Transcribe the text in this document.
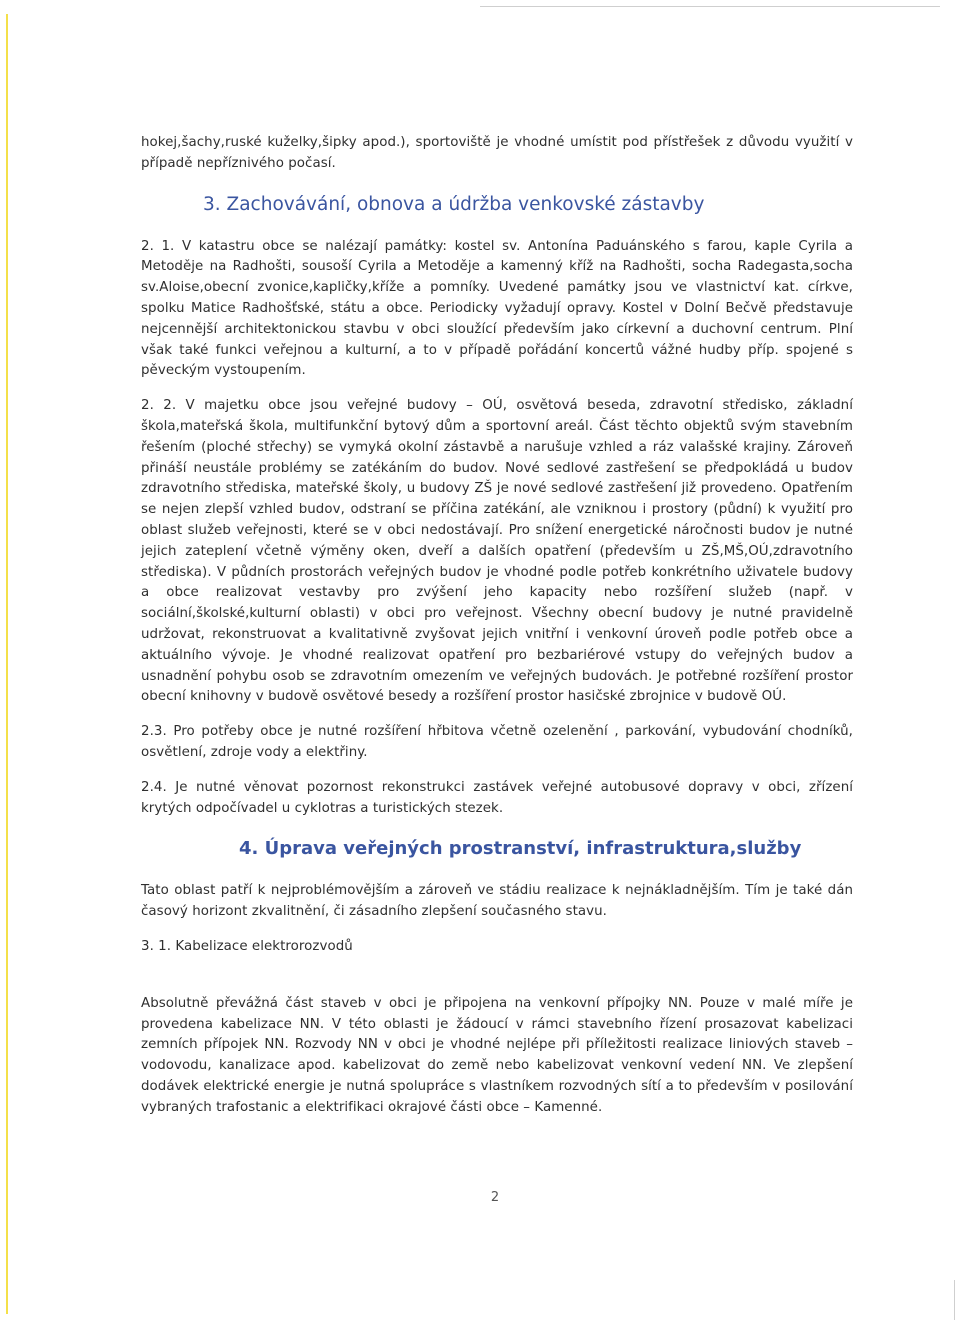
hokej,šachy,ruské kuželky,šipky apod.), sportoviště je vhodné umístit pod přístřešek z důvodu využití v případě nepříznivého počasí.

3. Zachovávání, obnova a údržba venkovské zástavby

2. 1. V katastru obce se nalézají památky: kostel sv. Antonína Paduánského s farou, kaple Cyrila a Metoděje na Radhošti, sousoší Cyrila a Metoděje a kamenný kříž na Radhošti, socha Radegasta,socha sv.Aloise,obecní zvonice,kapličky,kříže a pomníky. Uvedené památky jsou ve vlastnictví kat. církve, spolku Matice Radhošťské, státu a obce. Periodicky vyžadují opravy. Kostel v Dolní Bečvě představuje nejcennější architektonickou stavbu v obci sloužící především jako církevní a duchovní centrum. Plní však také funkci veřejnou a kulturní, a to v případě pořádání koncertů vážné hudby příp. spojené s pěveckým vystoupením.

2. 2. V majetku obce jsou veřejné budovy – OÚ, osvětová beseda, zdravotní středisko, základní škola,mateřská škola, multifunkční bytový dům a sportovní areál. Část těchto objektů svým stavebním řešením (ploché střechy) se vymyká okolní zástavbě a narušuje vzhled a ráz valašské krajiny. Zároveň přináší neustále problémy se zatékáním do budov. Nové sedlové zastřešení se předpokládá u budov zdravotního střediska, mateřské školy, u budovy ZŠ je nové sedlové zastřešení již provedeno. Opatřením se nejen zlepší vzhled budov, odstraní se příčina zatékání, ale vzniknou i prostory (půdní) k využití pro oblast služeb veřejnosti, které se v obci nedostávají. Pro snížení energetické náročnosti budov je nutné jejich zateplení včetně výměny oken, dveří a dalších opatření (především u ZŠ,MŠ,OÚ,zdravotního střediska). V půdních prostorách veřejných budov je vhodné podle potřeb konkrétního uživatele budovy a obce realizovat vestavby pro zvýšení jeho kapacity nebo rozšíření služeb (např. v sociální,školské,kulturní oblasti) v obci pro veřejnost. Všechny obecní budovy je nutné pravidelně udržovat, rekonstruovat a kvalitativně zvyšovat jejich vnitřní i venkovní úroveň podle potřeb obce a aktuálního vývoje. Je vhodné realizovat opatření pro bezbariérové vstupy do veřejných budov a usnadnění pohybu osob se zdravotním omezením ve veřejných budovách. Je potřebné rozšíření prostor obecní knihovny v budově osvětové besedy a rozšíření prostor hasičské zbrojnice v budově OÚ.

2.3. Pro potřeby obce je nutné rozšíření hřbitova včetně ozelenění , parkování, vybudování chodníků, osvětlení, zdroje vody a elektřiny.

2.4. Je nutné věnovat pozornost rekonstrukci zastávek veřejné autobusové dopravy v obci, zřízení krytých odpočívadel u cyklotras a turistických stezek.

4. Úprava veřejných prostranství, infrastruktura,služby

Tato oblast patří k nejproblémovějším a zároveň ve stádiu realizace k nejnákladnějším. Tím je také dán časový horizont zkvalitnění, či zásadního zlepšení současného stavu.

3. 1. Kabelizace elektrorozvodů

Absolutně převážná část staveb v obci je připojena na venkovní přípojky NN. Pouze v malé míře je provedena kabelizace NN. V této oblasti je žádoucí v rámci stavebního řízení prosazovat kabelizaci zemních přípojek NN. Rozvody NN v obci je vhodné nejlépe při příležitosti realizace liniových staveb – vodovodu, kanalizace apod. kabelizovat do země nebo kabelizovat venkovní vedení NN. Ve zlepšení dodávek elektrické energie je nutná spolupráce s vlastníkem rozvodných sítí a to především v posilování vybraných trafostanic a elektrifikaci okrajové části obce – Kamenné.

2
